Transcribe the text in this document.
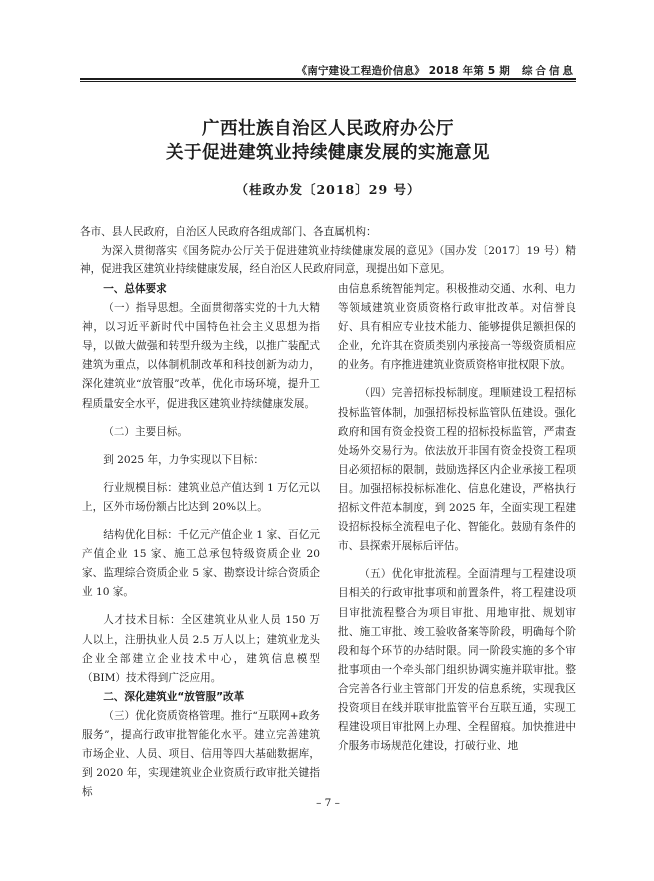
《南宁建设工程造价信息》 2018 年第 5 期 综合信息
广西壮族自治区人民政府办公厅
关于促进建筑业持续健康发展的实施意见
（桂政办发〔2018〕29 号）

各市、县人民政府，自治区人民政府各组成部门、各直属机构：

为深入贯彻落实《国务院办公厅关于促进建筑业持续健康发展的意见》（国办发〔2017〕19 号）精神，促进我区建筑业持续健康发展，经自治区人民政府同意，现提出如下意见。

一、总体要求

（一）指导思想。全面贯彻落实党的十九大精神，以习近平新时代中国特色社会主义思想为指导，以做大做强和转型升级为主线，以推广装配式建筑为重点，以体制机制改革和科技创新为动力，深化建筑业“放管服”改革，优化市场环境，提升工程质量安全水平，促进我区建筑业持续健康发展。

（二）主要目标。

到 2025 年，力争实现以下目标：

行业规模目标：建筑业总产值达到 1 万亿元以上，区外市场份额占比达到 20%以上。

结构优化目标：千亿元产值企业 1 家、百亿元产值企业 15 家、施工总承包特级资质企业 20 家、监理综合资质企业 5 家、勘察设计综合资质企业 10 家。

人才技术目标：全区建筑业从业人员 150 万人以上，注册执业人员 2.5 万人以上；建筑业龙头企业全部建立企业技术中心，建筑信息模型（BIM）技术得到广泛应用。

二、深化建筑业“放管服”改革

（三）优化资质资格管理。推行“互联网+政务服务”，提高行政审批智能化水平。建立完善建筑市场企业、人员、项目、信用等四大基础数据库，到 2020 年，实现建筑业企业资质行政审批关键指标

由信息系统智能判定。积极推动交通、水利、电力等领域建筑业资质资格行政审批改革。对信誉良好、具有相应专业技术能力、能够提供足额担保的企业，允许其在资质类别内承接高一等级资质相应的业务。有序推进建筑业资质资格审批权限下放。

（四）完善招标投标制度。理顺建设工程招标投标监管体制，加强招标投标监管队伍建设。强化政府和国有资金投资工程的招标投标监管，严肃查处场外交易行为。依法放开非国有资金投资工程项目必须招标的限制，鼓励选择区内企业承接工程项目。加强招标投标标准化、信息化建设，严格执行招标文件范本制度，到 2025 年，全面实现工程建设招标投标全流程电子化、智能化。鼓励有条件的市、县探索开展标后评估。

（五）优化审批流程。全面清理与工程建设项目相关的行政审批事项和前置条件，将工程建设项目审批流程整合为项目审批、用地审批、规划审批、施工审批、竣工验收备案等阶段，明确每个阶段和每个环节的办结时限。同一阶段实施的多个审批事项由一个牵头部门组织协调实施并联审批。整合完善各行业主管部门开发的信息系统，实现我区投资项目在线并联审批监管平台互联互通，实现工程建设项目审批网上办理、全程留痕。加快推进中介服务市场规范化建设，打破行业、地

– 7 –
